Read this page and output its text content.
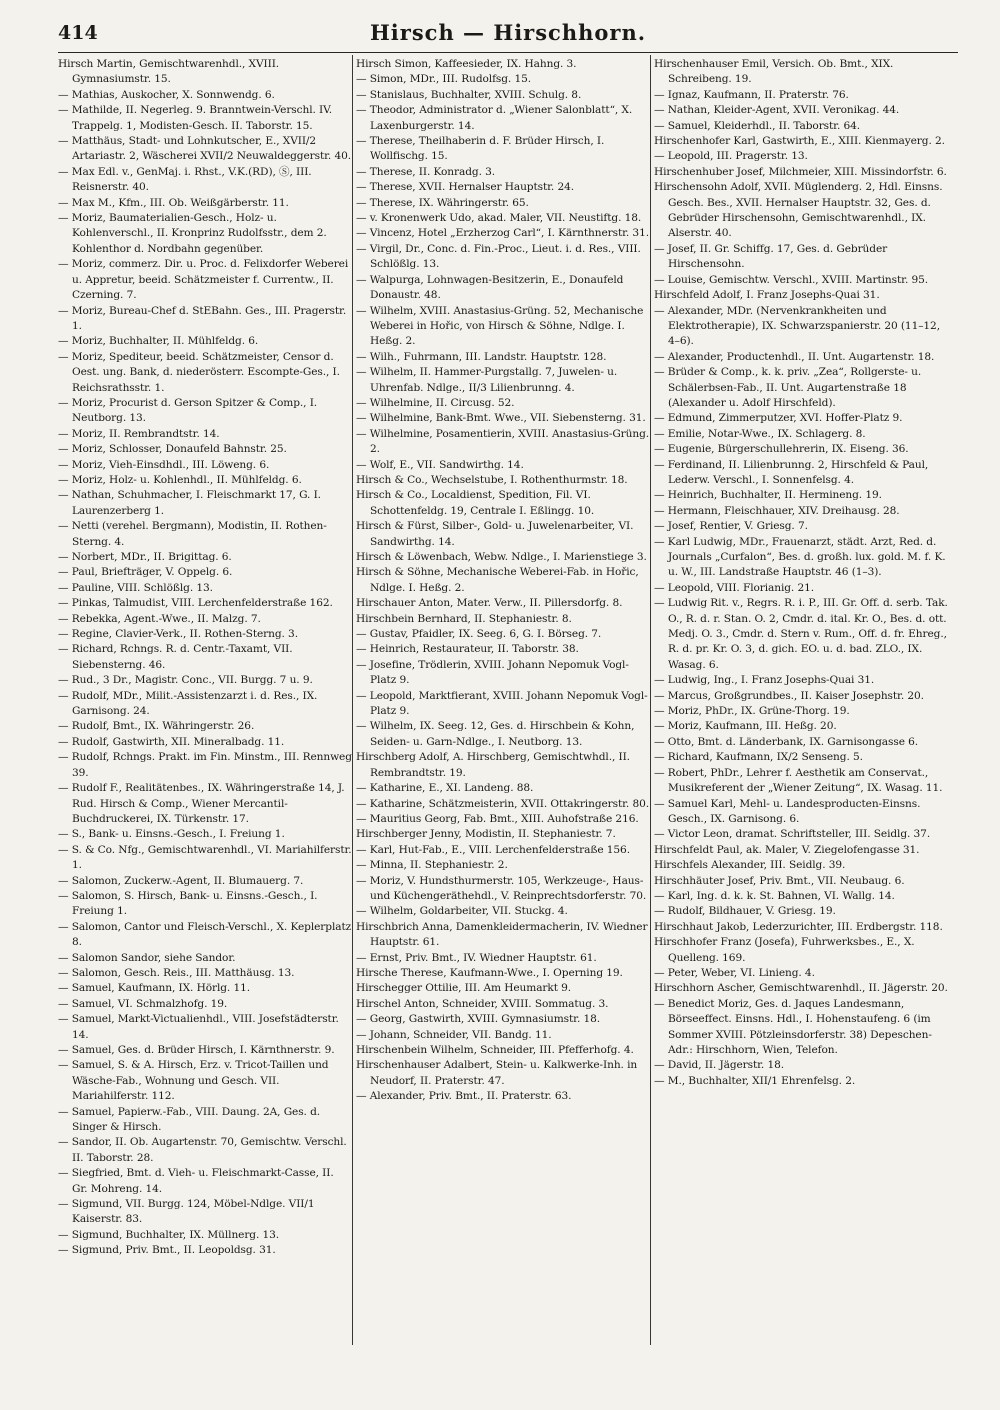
414	Hirsch — Hirschhorn.
Hirsch Martin, Gemischtwarenhdl., XVIII. Gymnasiumstr. 15.
— Mathias, Auskocher, X. Sonnwendg. 6.
— Mathilde, II. Negerleg. 9. Branntwein-Verschl. IV. Trappelg. 1, Modisten-Gesch. II. Taborstr. 15.
— Matthäus, Stadt- und Lohnkutscher, E., XVII/2 Artariastr. 2, Wäscherei XVII/2 Neuwaldeggerstr. 40.
— Max Edl. v., GenMaj. i. Rhst., V.K.(RD), Ⓢ, III. Reisnerstr. 40.
— Max M., Kfm., III. Ob. Weißgärberstr. 11.
— Moriz, Baumaterialien-Gesch., Holz- u. Kohlenverschl., II. Kronprinz Rudolfsstr., dem 2. Kohlenthor d. Nordbahn gegenüber.
— Moriz, commerz. Dir. u. Proc. d. Felixdorfer Weberei u. Appretur, beeid. Schätzmeister f. Currentw., II. Czerning. 7.
— Moriz, Bureau-Chef d. StEBahn. Ges., III. Pragerstr. 1.
— Moriz, Buchhalter, II. Mühlfeldg. 6.
— Moriz, Spediteur, beeid. Schätzmeister, Censor d. Oest. ung. Bank, d. niederösterr. Escompte-Ges., I. Reichsrathsstr. 1.
— Moriz, Procurist d. Gerson Spitzer & Comp., I. Neutborg. 13.
— Moriz, II. Rembrandtstr. 14.
— Moriz, Schlosser, Donaufeld Bahnstr. 25.
— Moriz, Vieh-Einsdhdl., III. Löweng. 6.
— Moriz, Holz- u. Kohlenhdl., II. Mühlfeldg. 6.
— Nathan, Schuhmacher, I. Fleischmarkt 17, G. I. Laurenzerberg 1.
— Netti (verehel. Bergmann), Modistin, II. Rothen-Sterng. 4.
— Norbert, MDr., II. Brigittag. 6.
— Paul, Briefträger, V. Oppelg. 6.
— Pauline, VIII. Schlößlg. 13.
— Pinkas, Talmudist, VIII. Lerchenfelderstraße 162.
— Rebekka, Agent.-Wwe., II. Malzg. 7.
— Regine, Clavier-Verk., II. Rothen-Sterng. 3.
— Richard, Rchngs. R. d. Centr.-Taxamt, VII. Siebensterng. 46.
— Rud., 3 Dr., Magistr. Conc., VII. Burgg. 7 u. 9.
— Rudolf, MDr., Milit.-Assistenzarzt i. d. Res., IX. Garnisong. 24.
— Rudolf, Bmt., IX. Währingerstr. 26.
— Rudolf, Gastwirth, XII. Mineralbadg. 11.
— Rudolf, Rchngs. Prakt. im Fin. Minstm., III. Rennweg 39.
— Rudolf F., Realitätenbes., IX. Währingerstraße 14, J. Rud. Hirsch & Comp., Wiener Mercantil-Buchdruckerei, IX. Türkenstr. 17.
— S., Bank- u. Einsns.-Gesch., I. Freiung 1.
— S. & Co. Nfg., Gemischtwarenhdl., VI. Mariahilferstr. 1.
— Salomon, Zuckerw.-Agent, II. Blumauerg. 7.
— Salomon, S. Hirsch, Bank- u. Einsns.-Gesch., I. Freiung 1.
— Salomon, Cantor und Fleisch-Verschl., X. Keplerplatz 8.
— Salomon Sandor, siehe Sandor.
— Salomon, Gesch. Reis., III. Matthäusg. 13.
— Samuel, Kaufmann, IX. Hörlg. 11.
— Samuel, VI. Schmalzhofg. 19.
— Samuel, Markt-Victualienhdl., VIII. Josefstädterstr. 14.
— Samuel, Ges. d. Brüder Hirsch, I. Kärnthnerstr. 9.
— Samuel, S. & A. Hirsch, Erz. v. Tricot-Taillen und Wäsche-Fab., Wohnung und Gesch. VII. Mariahilferstr. 112.
— Samuel, Papierw.-Fab., VIII. Daung. 2A, Ges. d. Singer & Hirsch.
— Sandor, II. Ob. Augartenstr. 70, Gemischtw. Verschl. II. Taborstr. 28.
— Siegfried, Bmt. d. Vieh- u. Fleischmarkt-Casse, II. Gr. Mohreng. 14.
— Sigmund, VII. Burgg. 124, Möbel-Ndlge. VII/1 Kaiserstr. 83.
— Sigmund, Buchhalter, IX. Müllnerg. 13.
— Sigmund, Priv. Bmt., II. Leopoldsg. 31.
Hirsch Simon, Kaffeesieder, IX. Hahng. 3.
— Simon, MDr., III. Rudolfsg. 15.
— Stanislaus, Buchhalter, XVIII. Schulg. 8.
— Theodor, Administrator d. „Wiener Salonblatt“, X. Laxenburgerstr. 14.
— Therese, Theilhaberin d. F. Brüder Hirsch, I. Wollfischg. 15.
— Therese, II. Konradg. 3.
— Therese, XVII. Hernalser Hauptstr. 24.
— Therese, IX. Währingerstr. 65.
— v. Kronenwerk Udo, akad. Maler, VII. Neustiftg. 18.
— Vincenz, Hotel „Erzherzog Carl“, I. Kärnthnerstr. 31.
— Virgil, Dr., Conc. d. Fin.-Proc., Lieut. i. d. Res., VIII. Schlößlg. 13.
— Walpurga, Lohnwagen-Besitzerin, E., Donaufeld Donaustr. 48.
— Wilhelm, XVIII. Anastasius-Grüng. 52, Mechanische Weberei in Hořic, von Hirsch & Söhne, Ndlge. I. Heßg. 2.
— Wilh., Fuhrmann, III. Landstr. Hauptstr. 128.
— Wilhelm, II. Hammer-Purgstallg. 7, Juwelen- u. Uhrenfab. Ndlge., II/3 Lilienbrunng. 4.
— Wilhelmine, II. Circusg. 52.
— Wilhelmine, Bank-Bmt. Wwe., VII. Siebensterng. 31.
— Wilhelmine, Posamentierin, XVIII. Anastasius-Grüng. 2.
— Wolf, E., VII. Sandwirthg. 14.
Hirsch & Co., Wechselstube, I. Rothenthurmstr. 18.
Hirsch & Co., Localdienst, Spedition, Fil. VI. Schottenfeldg. 19, Centrale I. Eßlingg. 10.
Hirsch & Fürst, Silber-, Gold- u. Juwelenarbeiter, VI. Sandwirthg. 14.
Hirsch & Löwenbach, Webw. Ndlge., I. Marienstiege 3.
Hirsch & Söhne, Mechanische Weberei-Fab. in Hořic, Ndlge. I. Heßg. 2.
Hirschauer Anton, Mater. Verw., II. Pillersdorfg. 8.
Hirschbein Bernhard, II. Stephaniestr. 8.
— Gustav, Pfaidler, IX. Seeg. 6, G. I. Börseg. 7.
— Heinrich, Restaurateur, II. Taborstr. 38.
— Josefine, Trödlerin, XVIII. Johann Nepomuk Vogl-Platz 9.
— Leopold, Marktfierant, XVIII. Johann Nepomuk Vogl-Platz 9.
— Wilhelm, IX. Seeg. 12, Ges. d. Hirschbein & Kohn, Seiden- u. Garn-Ndlge., I. Neutborg. 13.
Hirschberg Adolf, A. Hirschberg, Gemischtwhdl., II. Rembrandtstr. 19.
— Katharine, E., XI. Landeng. 88.
— Katharine, Schätzmeisterin, XVII. Ottakringerstr. 80.
— Mauritius Georg, Fab. Bmt., XIII. Auhofstraße 216.
Hirschberger Jenny, Modistin, II. Stephaniestr. 7.
— Karl, Hut-Fab., E., VIII. Lerchenfelderstraße 156.
— Minna, II. Stephaniestr. 2.
— Moriz, V. Hundsthurmerstr. 105, Werkzeuge-, Haus- und Küchengeräthehdl., V. Reinprechtsdorferstr. 70.
— Wilhelm, Goldarbeiter, VII. Stuckg. 4.
Hirschbrich Anna, Damenkleidermacherin, IV. Wiedner Hauptstr. 61.
— Ernst, Priv. Bmt., IV. Wiedner Hauptstr. 61.
Hirsche Therese, Kaufmann-Wwe., I. Operning 19.
Hirschegger Ottilie, III. Am Heumarkt 9.
Hirschel Anton, Schneider, XVIII. Sommatug. 3.
— Georg, Gastwirth, XVIII. Gymnasiumstr. 18.
— Johann, Schneider, VII. Bandg. 11.
Hirschenbein Wilhelm, Schneider, III. Pfefferhofg. 4.
Hirschenhauser Adalbert, Stein- u. Kalkwerke-Inh. in Neudorf, II. Praterstr. 47.
— Alexander, Priv. Bmt., II. Praterstr. 63.
Hirschenhauser Emil, Versich. Ob. Bmt., XIX. Schreibeng. 19.
— Ignaz, Kaufmann, II. Praterstr. 76.
— Nathan, Kleider-Agent, XVII. Veronikag. 44.
— Samuel, Kleiderhdl., II. Taborstr. 64.
Hirschenhofer Karl, Gastwirth, E., XIII. Kienmayerg. 2.
— Leopold, III. Pragerstr. 13.
Hirschenhuber Josef, Milchmeier, XIII. Missindorfstr. 6.
Hirschensohn Adolf, XVII. Müglenderg. 2, Hdl. Einsns. Gesch. Bes., XVII. Hernalser Hauptstr. 32, Ges. d. Gebrüder Hirschensohn, Gemischtwarenhdl., IX. Alserstr. 40.
— Josef, II. Gr. Schiffg. 17, Ges. d. Gebrüder Hirschensohn.
— Louise, Gemischtw. Verschl., XVIII. Martinstr. 95.
Hirschfeld Adolf, I. Franz Josephs-Quai 31.
— Alexander, MDr. (Nervenkrankheiten und Elektrotherapie), IX. Schwarzspanierstr. 20 (11–12, 4–6).
— Alexander, Productenhdl., II. Unt. Augartenstr. 18.
— Brüder & Comp., k. k. priv. „Zea“, Rollgerste- u. Schälerbsen-Fab., II. Unt. Augartenstraße 18 (Alexander u. Adolf Hirschfeld).
— Edmund, Zimmerputzer, XVI. Hoffer-Platz 9.
— Emilie, Notar-Wwe., IX. Schlagerg. 8.
— Eugenie, Bürgerschullehrerin, IX. Eiseng. 36.
— Ferdinand, II. Lilienbrunng. 2, Hirschfeld & Paul, Lederw. Verschl., I. Sonnenfelsg. 4.
— Heinrich, Buchhalter, II. Hermineng. 19.
— Hermann, Fleischhauer, XIV. Dreihausg. 28.
— Josef, Rentier, V. Griesg. 7.
— Karl Ludwig, MDr., Frauenarzt, städt. Arzt, Red. d. Journals „Curfalon“, Bes. d. großh. lux. gold. M. f. K. u. W., III. Landstraße Hauptstr. 46 (1–3).
— Leopold, VIII. Florianig. 21.
— Ludwig Rit. v., Regrs. R. i. P., III. Gr. Off. d. serb. Tak. O., R. d. r. Stan. O. 2, Cmdr. d. ital. Kr. O., Bes. d. ott. Medj. O. 3., Cmdr. d. Stern v. Rum., Off. d. fr. Ehreg., R. d. pr. Kr. O. 3, d. gich. EO. u. d. bad. ZLO., IX. Wasag. 6.
— Ludwig, Ing., I. Franz Josephs-Quai 31.
— Marcus, Großgrundbes., II. Kaiser Josephstr. 20.
— Moriz, PhDr., IX. Grüne-Thorg. 19.
— Moriz, Kaufmann, III. Heßg. 20.
— Otto, Bmt. d. Länderbank, IX. Garnisongasse 6.
— Richard, Kaufmann, IX/2 Senseng. 5.
— Robert, PhDr., Lehrer f. Aesthetik am Conservat., Musikreferent der „Wiener Zeitung“, IX. Wasag. 11.
— Samuel Karl, Mehl- u. Landesproducten-Einsns. Gesch., IX. Garnisong. 6.
— Victor Leon, dramat. Schriftsteller, III. Seidlg. 37.
Hirschfeldt Paul, ak. Maler, V. Ziegelofengasse 31.
Hirschfels Alexander, III. Seidlg. 39.
Hirschhäuter Josef, Priv. Bmt., VII. Neubaug. 6.
— Karl, Ing. d. k. k. St. Bahnen, VI. Wallg. 14.
— Rudolf, Bildhauer, V. Griesg. 19.
Hirschhaut Jakob, Lederzurichter, III. Erdbergstr. 118.
Hirschhofer Franz (Josefa), Fuhrwerksbes., E., X. Quelleng. 169.
— Peter, Weber, VI. Linieng. 4.
Hirschhorn Ascher, Gemischtwarenhdl., II. Jägerstr. 20.
— Benedict Moriz, Ges. d. Jaques Landesmann, Börseeffect. Einsns. Hdl., I. Hohenstaufeng. 6 (im Sommer XVIII. Pötzleinsdorferstr. 38) Depeschen-Adr.: Hirschhorn, Wien, Telefon.
— David, II. Jägerstr. 18.
— M., Buchhalter, XII/1 Ehrenfelsg. 2.
